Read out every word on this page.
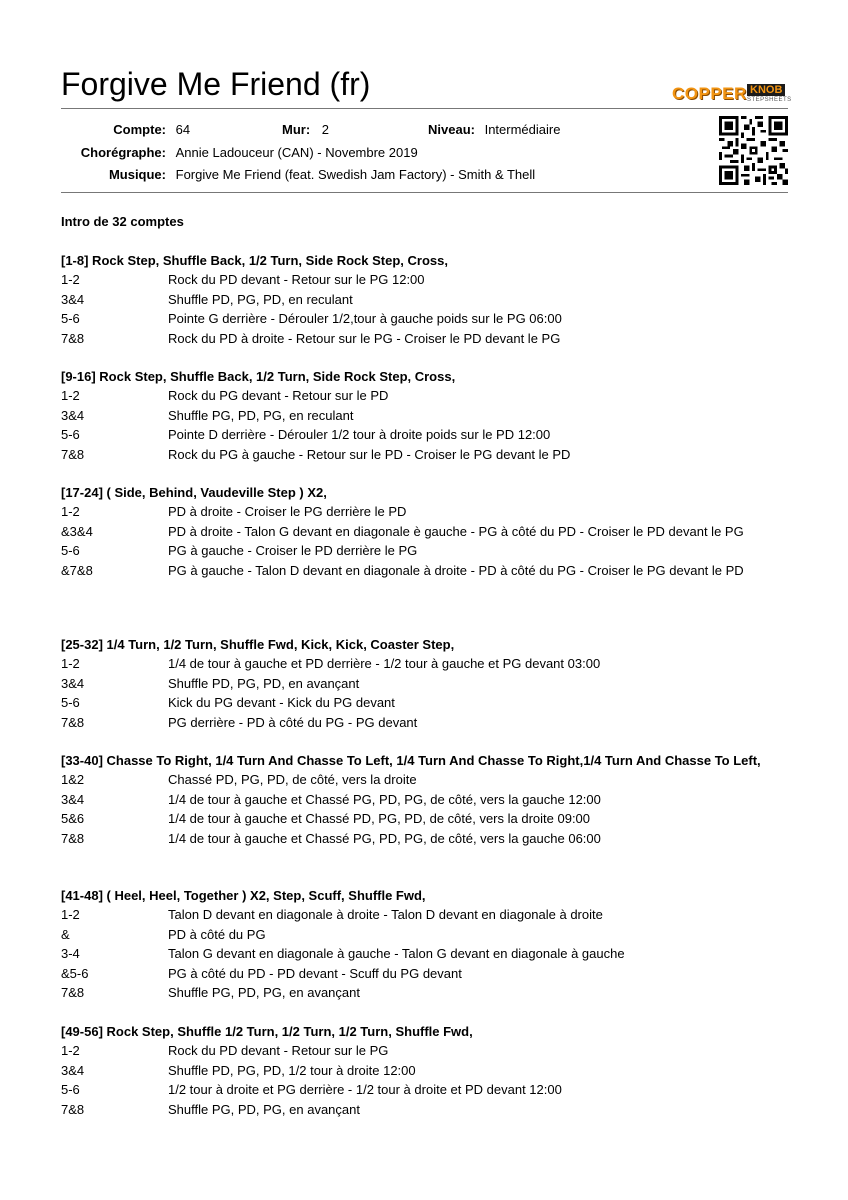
Forgive Me Friend (fr)	COPPER KNOB
STEPSHEETS
Compte: 64	Mur: 2	Niveau: Intermédiaire
Chorégraphe: Annie Ladouceur (CAN) - Novembre 2019
Musique: Forgive Me Friend (feat. Swedish Jam Factory) - Smith & Thell
Intro de 32 comptes
[1-8] Rock Step, Shuffle Back, 1/2 Turn, Side Rock Step, Cross,
1-2	Rock du PD devant - Retour sur le PG 12:00
3&4	Shuffle PD, PG, PD, en reculant
5-6	Pointe G derrière - Dérouler 1/2,tour à gauche poids sur le PG 06:00
7&8	Rock du PD à droite - Retour sur le PG - Croiser le PD devant le PG
[9-16] Rock Step, Shuffle Back, 1/2 Turn, Side Rock Step, Cross,
1-2	Rock du PG devant - Retour sur le PD
3&4	Shuffle PG, PD, PG, en reculant
5-6	Pointe D derrière - Dérouler 1/2 tour à droite poids sur le PD 12:00
7&8	Rock du PG à gauche - Retour sur le PD - Croiser le PG devant le PD
[17-24] ( Side, Behind, Vaudeville Step ) X2,
1-2	PD à droite - Croiser le PG derrière le PD
&3&4	PD à droite - Talon G devant en diagonale è gauche - PG à côté du PD - Croiser le PD devant le PG
5-6	PG à gauche - Croiser le PD derrière le PG
&7&8	PG à gauche - Talon D devant en diagonale à droite - PD à côté du PG - Croiser le PG devant le PD
[25-32] 1/4 Turn, 1/2 Turn, Shuffle Fwd, Kick, Kick, Coaster Step,
1-2	1/4 de tour à gauche et PD derrière - 1/2 tour à gauche et PG devant 03:00
3&4	Shuffle PD, PG, PD, en avançant
5-6	Kick du PG devant - Kick du PG devant
7&8	PG derrière - PD à côté du PG - PG devant
[33-40] Chasse To Right, 1/4 Turn And Chasse To Left, 1/4 Turn And Chasse To Right,1/4 Turn And Chasse To Left,
1&2	Chassé PD, PG, PD, de côté, vers la droite
3&4	1/4 de tour à gauche et Chassé PG, PD, PG, de côté, vers la gauche 12:00
5&6	1/4 de tour à gauche et Chassé PD, PG, PD, de côté, vers la droite 09:00
7&8	1/4 de tour à gauche et Chassé PG, PD, PG, de côté, vers la gauche 06:00
[41-48] ( Heel, Heel, Together ) X2, Step, Scuff, Shuffle Fwd,
1-2	Talon D devant en diagonale à droite - Talon D devant en diagonale à droite
&	PD à côté du PG
3-4	Talon G devant en diagonale à gauche - Talon G devant en diagonale à gauche
&5-6	PG à côté du PD - PD devant - Scuff du PG devant
7&8	Shuffle PG, PD, PG, en avançant
[49-56] Rock Step, Shuffle 1/2 Turn, 1/2 Turn, 1/2 Turn, Shuffle Fwd,
1-2	Rock du PD devant - Retour sur le PG
3&4	Shuffle PD, PG, PD, 1/2 tour à droite 12:00
5-6	1/2 tour à droite et PG derrière - 1/2 tour à droite et PD devant 12:00
7&8	Shuffle PG, PD, PG, en avançant
